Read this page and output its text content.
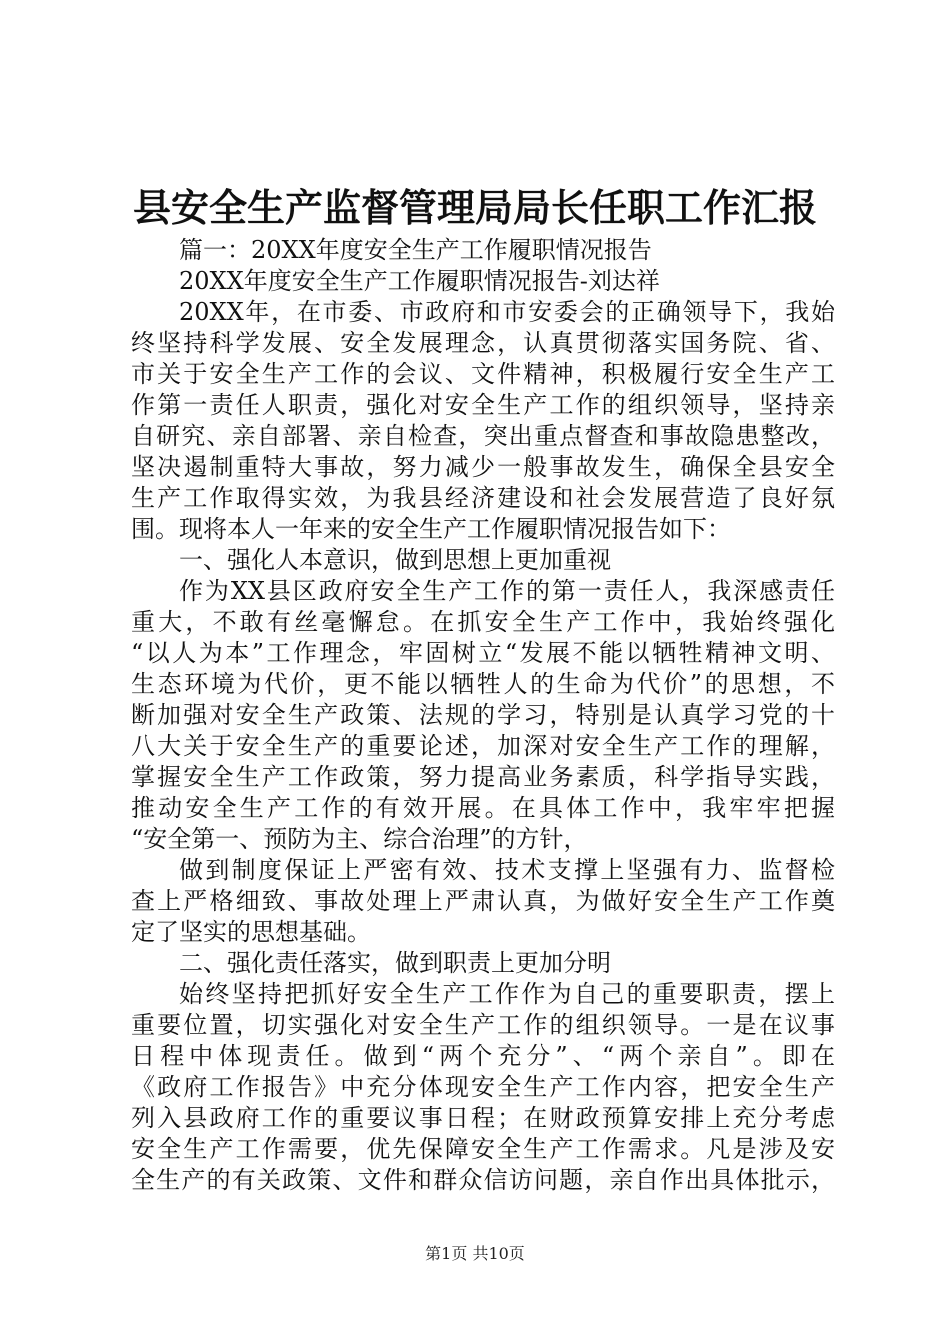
县安全生产监督管理局局长任职工作汇报
篇一：20XX年度安全生产工作履职情况报告
20XX年度安全生产工作履职情况报告-刘达祥
20XX年，在市委、市政府和市安委会的正确领导下，我始
终坚持科学发展、安全发展理念，认真贯彻落实国务院、省、
市关于安全生产工作的会议、文件精神，积极履行安全生产工
作第一责任人职责，强化对安全生产工作的组织领导，坚持亲
自研究、亲自部署、亲自检查，突出重点督查和事故隐患整改，
坚决遏制重特大事故，努力减少一般事故发生，确保全县安全
生产工作取得实效，为我县经济建设和社会发展营造了良好氛
围。现将本人一年来的安全生产工作履职情况报告如下：
一、强化人本意识，做到思想上更加重视
作为XX县区政府安全生产工作的第一责任人，我深感责任
重大，不敢有丝毫懈怠。在抓安全生产工作中，我始终强化
“以人为本”工作理念，牢固树立“发展不能以牺牲精神文明、
生态环境为代价，更不能以牺牲人的生命为代价”的思想，不
断加强对安全生产政策、法规的学习，特别是认真学习党的十
八大关于安全生产的重要论述，加深对安全生产工作的理解，
掌握安全生产工作政策，努力提高业务素质，科学指导实践，
推动安全生产工作的有效开展。在具体工作中，我牢牢把握
“安全第一、预防为主、综合治理”的方针，
做到制度保证上严密有效、技术支撑上坚强有力、监督检
查上严格细致、事故处理上严肃认真，为做好安全生产工作奠
定了坚实的思想基础。
二、强化责任落实，做到职责上更加分明
始终坚持把抓好安全生产工作作为自己的重要职责，摆上
重要位置，切实强化对安全生产工作的组织领导。一是在议事
日程中体现责任。做到“两个充分”、“两个亲自”。即在
《政府工作报告》中充分体现安全生产工作内容，把安全生产
列入县政府工作的重要议事日程；在财政预算安排上充分考虑
安全生产工作需要，优先保障安全生产工作需求。凡是涉及安
全生产的有关政策、文件和群众信访问题，亲自作出具体批示，
第1页 共10页
